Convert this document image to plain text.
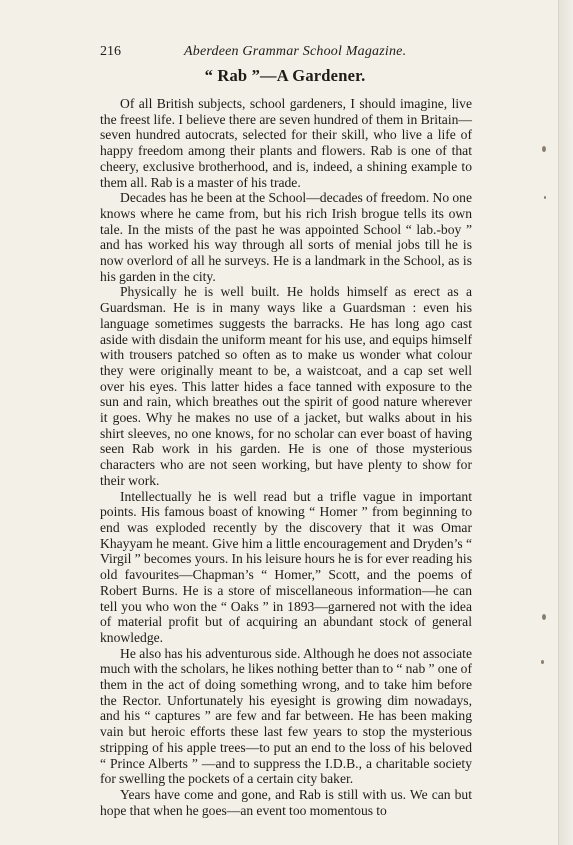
216	Aberdeen Grammar School Magazine.
“ Rab ”—A Gardener.

Of all British subjects, school gardeners, I should imagine, live the freest life. I believe there are seven hundred of them in Britain—seven hundred autocrats, selected for their skill, who live a life of happy freedom among their plants and flowers. Rab is one of that cheery, exclusive brotherhood, and is, indeed, a shining example to them all. Rab is a master of his trade.

Decades has he been at the School—decades of freedom. No one knows where he came from, but his rich Irish brogue tells its own tale. In the mists of the past he was appointed School “ lab.-boy ” and has worked his way through all sorts of menial jobs till he is now overlord of all he surveys. He is a landmark in the School, as is his garden in the city.

Physically he is well built. He holds himself as erect as a Guardsman. He is in many ways like a Guardsman : even his language sometimes suggests the barracks. He has long ago cast aside with disdain the uniform meant for his use, and equips himself with trousers patched so often as to make us wonder what colour they were originally meant to be, a waistcoat, and a cap set well over his eyes. This latter hides a face tanned with exposure to the sun and rain, which breathes out the spirit of good nature wherever it goes. Why he makes no use of a jacket, but walks about in his shirt sleeves, no one knows, for no scholar can ever boast of having seen Rab work in his garden. He is one of those mysterious characters who are not seen working, but have plenty to show for their work.

Intellectually he is well read but a trifle vague in important points. His famous boast of knowing “ Homer ” from beginning to end was exploded recently by the discovery that it was Omar Khayyam he meant. Give him a little encouragement and Dryden’s “ Virgil ” becomes yours. In his leisure hours he is for ever reading his old favourites—Chapman’s “ Homer,” Scott, and the poems of Robert Burns. He is a store of miscellaneous information—he can tell you who won the “ Oaks ” in 1893—garnered not with the idea of material profit but of acquiring an abundant stock of general knowledge.

He also has his adventurous side. Although he does not associate much with the scholars, he likes nothing better than to “ nab ” one of them in the act of doing something wrong, and to take him before the Rector. Unfortunately his eyesight is growing dim nowadays, and his “ captures ” are few and far between. He has been making vain but heroic efforts these last few years to stop the mysterious stripping of his apple trees—to put an end to the loss of his beloved “ Prince Alberts ” —and to suppress the I.D.B., a charitable society for swelling the pockets of a certain city baker.

Years have come and gone, and Rab is still with us. We can but hope that when he goes—an event too momentous to
